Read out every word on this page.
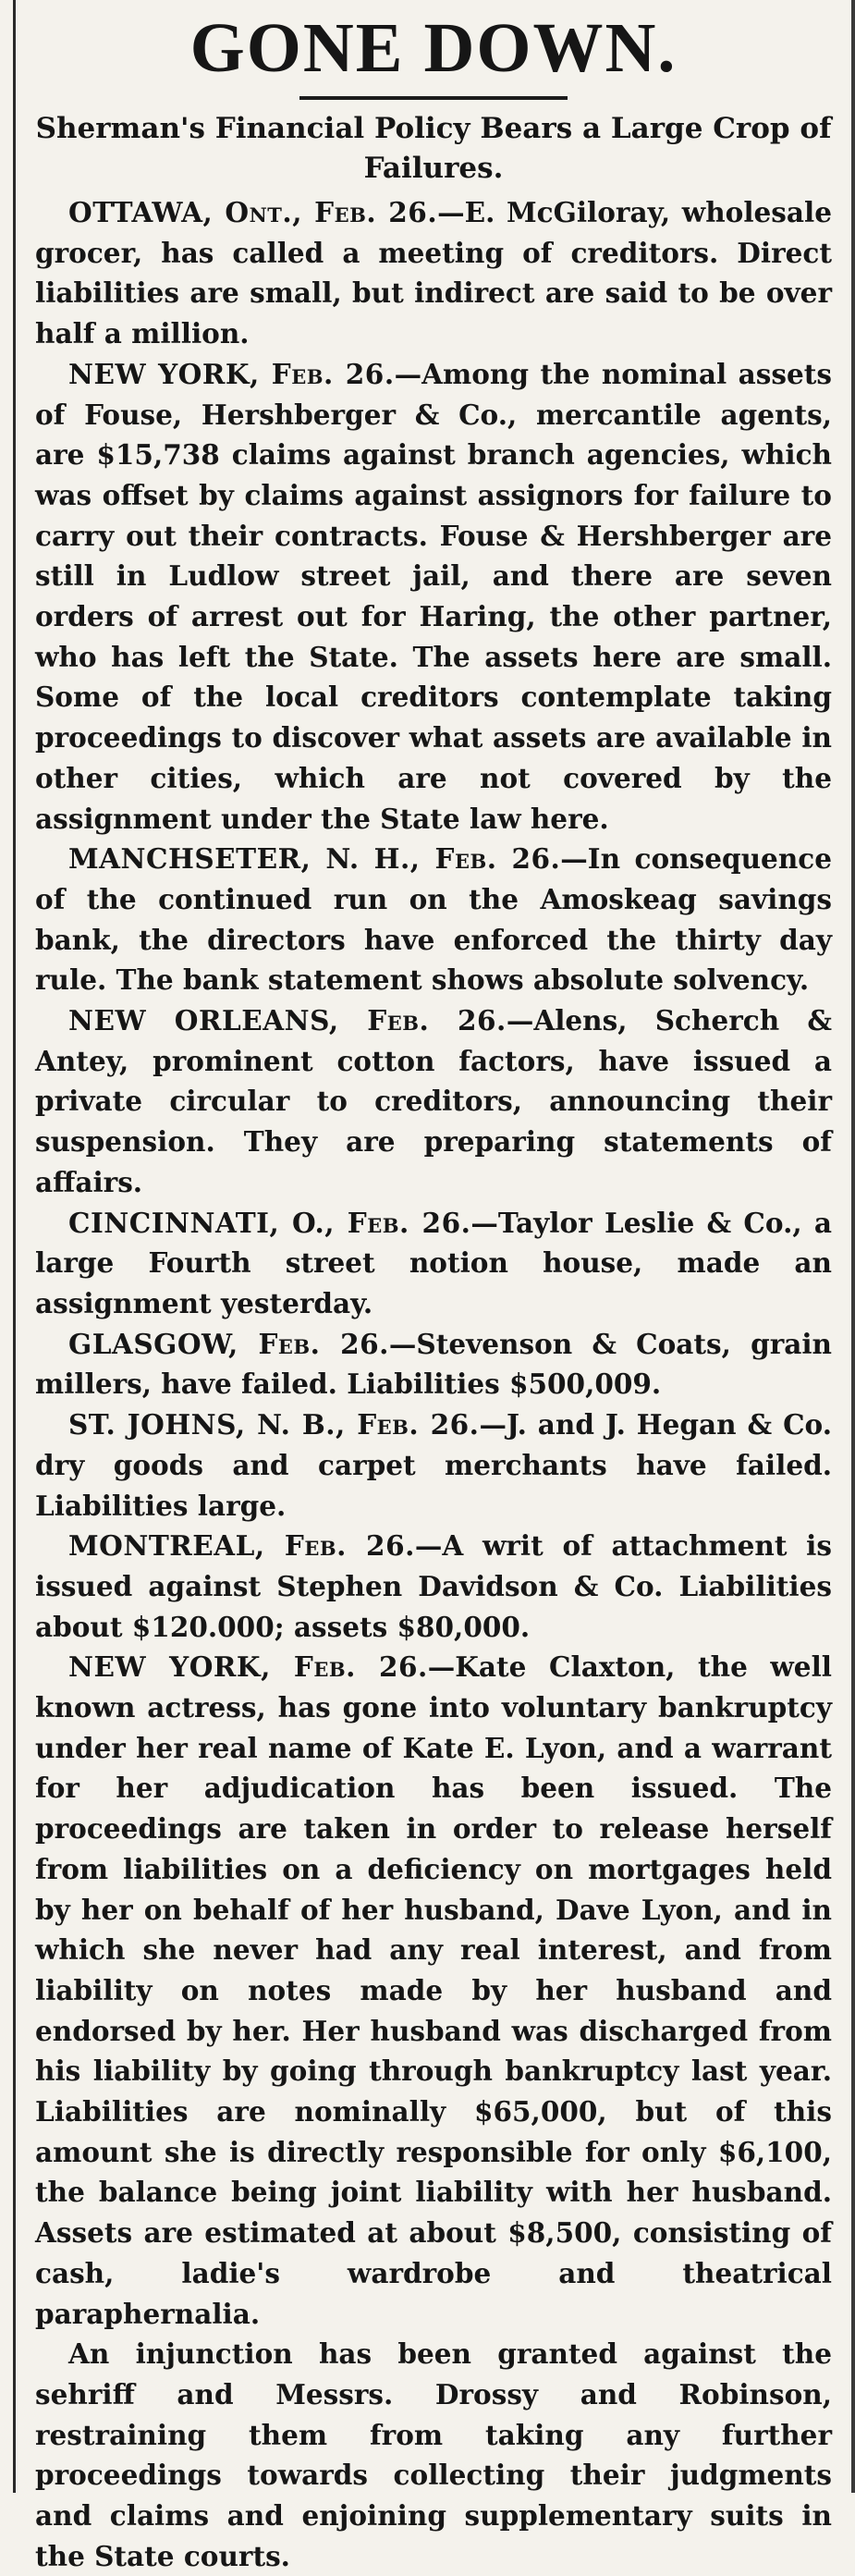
GONE DOWN.
Sherman's Financial Policy Bears a Large Crop of Failures.

OTTAWA, Ont., Feb. 26.—E. McGiloray, wholesale grocer, has called a meeting of creditors. Direct liabilities are small, but indirect are said to be over half a million.

NEW YORK, Feb. 26.—Among the nominal assets of Fouse, Hershberger & Co., mercantile agents, are $15,738 claims against branch agencies, which was offset by claims against assignors for failure to carry out their contracts. Fouse & Hershberger are still in Ludlow street jail, and there are seven orders of arrest out for Haring, the other partner, who has left the State. The assets here are small. Some of the local creditors contemplate taking proceedings to discover what assets are available in other cities, which are not covered by the assignment under the State law here.

MANCHSETER, N. H., Feb. 26.—In consequence of the continued run on the Amoskeag savings bank, the directors have enforced the thirty day rule. The bank statement shows absolute solvency.

NEW ORLEANS, Feb. 26.—Alens, Scherch & Antey, prominent cotton factors, have issued a private circular to creditors, announcing their suspension. They are preparing statements of affairs.

CINCINNATI, O., Feb. 26.—Taylor Leslie & Co., a large Fourth street notion house, made an assignment yesterday.

GLASGOW, Feb. 26.—Stevenson & Coats, grain millers, have failed. Liabilities $500,009.

ST. JOHNS, N. B., Feb. 26.—J. and J. Hegan & Co. dry goods and carpet merchants have failed. Liabilities large.

MONTREAL, Feb. 26.—A writ of attachment is issued against Stephen Davidson & Co. Liabilities about $120.000; assets $80,000.

NEW YORK, Feb. 26.—Kate Claxton, the well known actress, has gone into voluntary bankruptcy under her real name of Kate E. Lyon, and a warrant for her adjudication has been issued. The proceedings are taken in order to release herself from liabilities on a deficiency on mortgages held by her on behalf of her husband, Dave Lyon, and in which she never had any real interest, and from liability on notes made by her husband and endorsed by her. Her husband was discharged from his liability by going through bankruptcy last year. Liabilities are nominally $65,000, but of this amount she is directly responsible for only $6,100, the balance being joint liability with her husband. Assets are estimated at about $8,500, consisting of cash, ladie's wardrobe and theatrical paraphernalia.

An injunction has been granted against the sehriff and Messrs. Drossy and Robinson, restraining them from taking any further proceedings towards collecting their judgments and claims and enjoining supplementary suits in the State courts.
